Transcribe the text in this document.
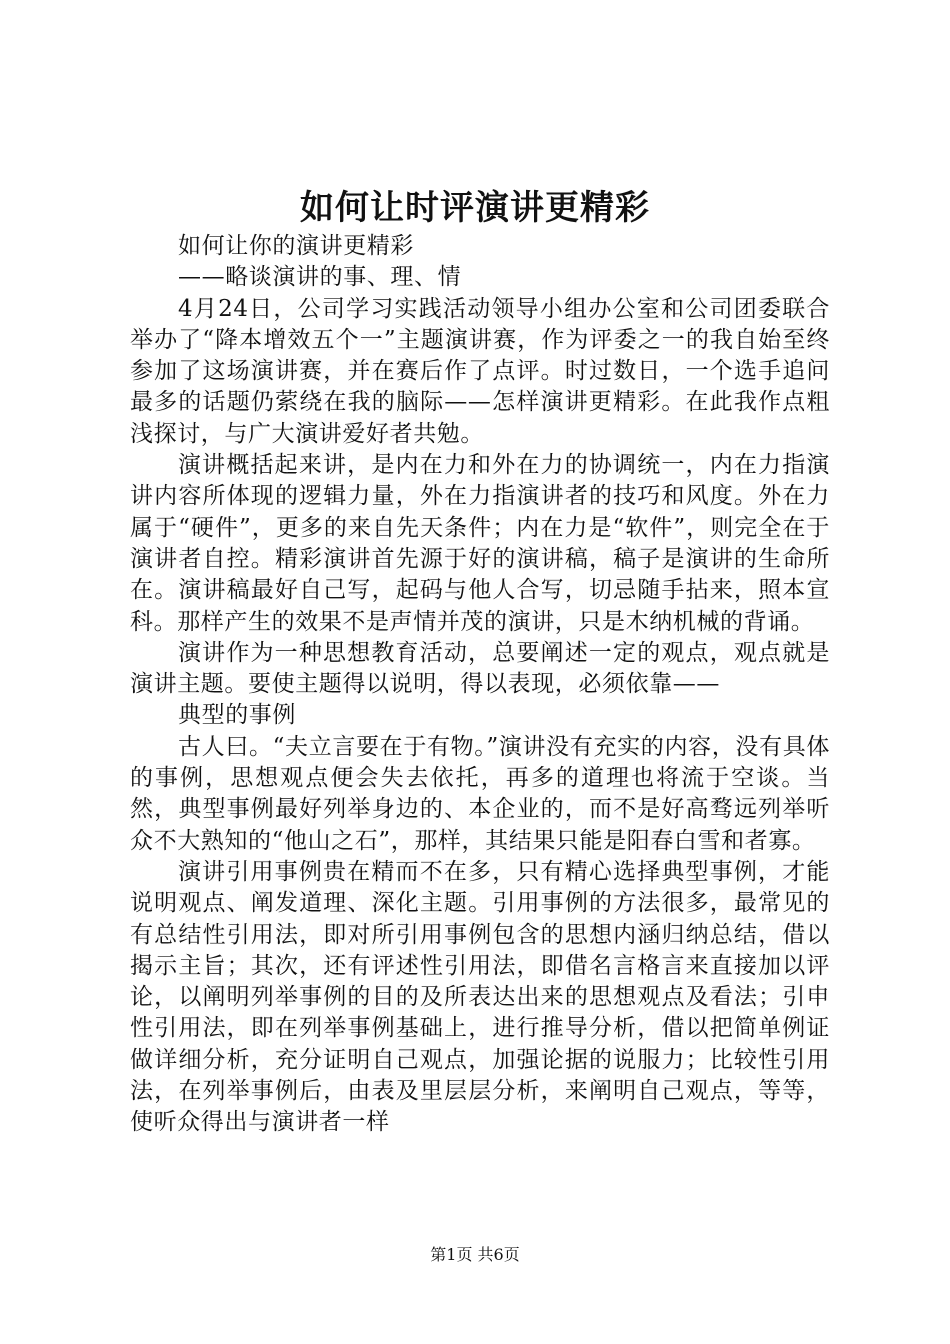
如何让时评演讲更精彩

如何让你的演讲更精彩

——略谈演讲的事、理、情

4月24日，公司学习实践活动领导小组办公室和公司团委联合举办了“降本增效五个一”主题演讲赛，作为评委之一的我自始至终参加了这场演讲赛，并在赛后作了点评。时过数日，一个选手追问最多的话题仍萦绕在我的脑际——怎样演讲更精彩。在此我作点粗浅探讨，与广大演讲爱好者共勉。

演讲概括起来讲，是内在力和外在力的协调统一，内在力指演讲内容所体现的逻辑力量，外在力指演讲者的技巧和风度。外在力属于“硬件”，更多的来自先天条件；内在力是“软件”，则完全在于演讲者自控。精彩演讲首先源于好的演讲稿，稿子是演讲的生命所在。演讲稿最好自己写，起码与他人合写，切忌随手拈来，照本宣科。那样产生的效果不是声情并茂的演讲，只是木纳机械的背诵。

演讲作为一种思想教育活动，总要阐述一定的观点，观点就是演讲主题。要使主题得以说明，得以表现，必须依靠——

典型的事例

古人曰。“夫立言要在于有物。”演讲没有充实的内容，没有具体的事例，思想观点便会失去依托，再多的道理也将流于空谈。当然，典型事例最好列举身边的、本企业的，而不是好高骛远列举听众不大熟知的“他山之石”，那样，其结果只能是阳春白雪和者寡。

演讲引用事例贵在精而不在多，只有精心选择典型事例，才能说明观点、阐发道理、深化主题。引用事例的方法很多，最常见的有总结性引用法，即对所引用事例包含的思想内涵归纳总结，借以揭示主旨；其次，还有评述性引用法，即借名言格言来直接加以评论，以阐明列举事例的目的及所表达出来的思想观点及看法；引申性引用法，即在列举事例基础上，进行推导分析，借以把简单例证做详细分析，充分证明自己观点，加强论据的说服力；比较性引用法，在列举事例后，由表及里层层分析，来阐明自己观点，等等，使听众得出与演讲者一样

第1页 共6页
